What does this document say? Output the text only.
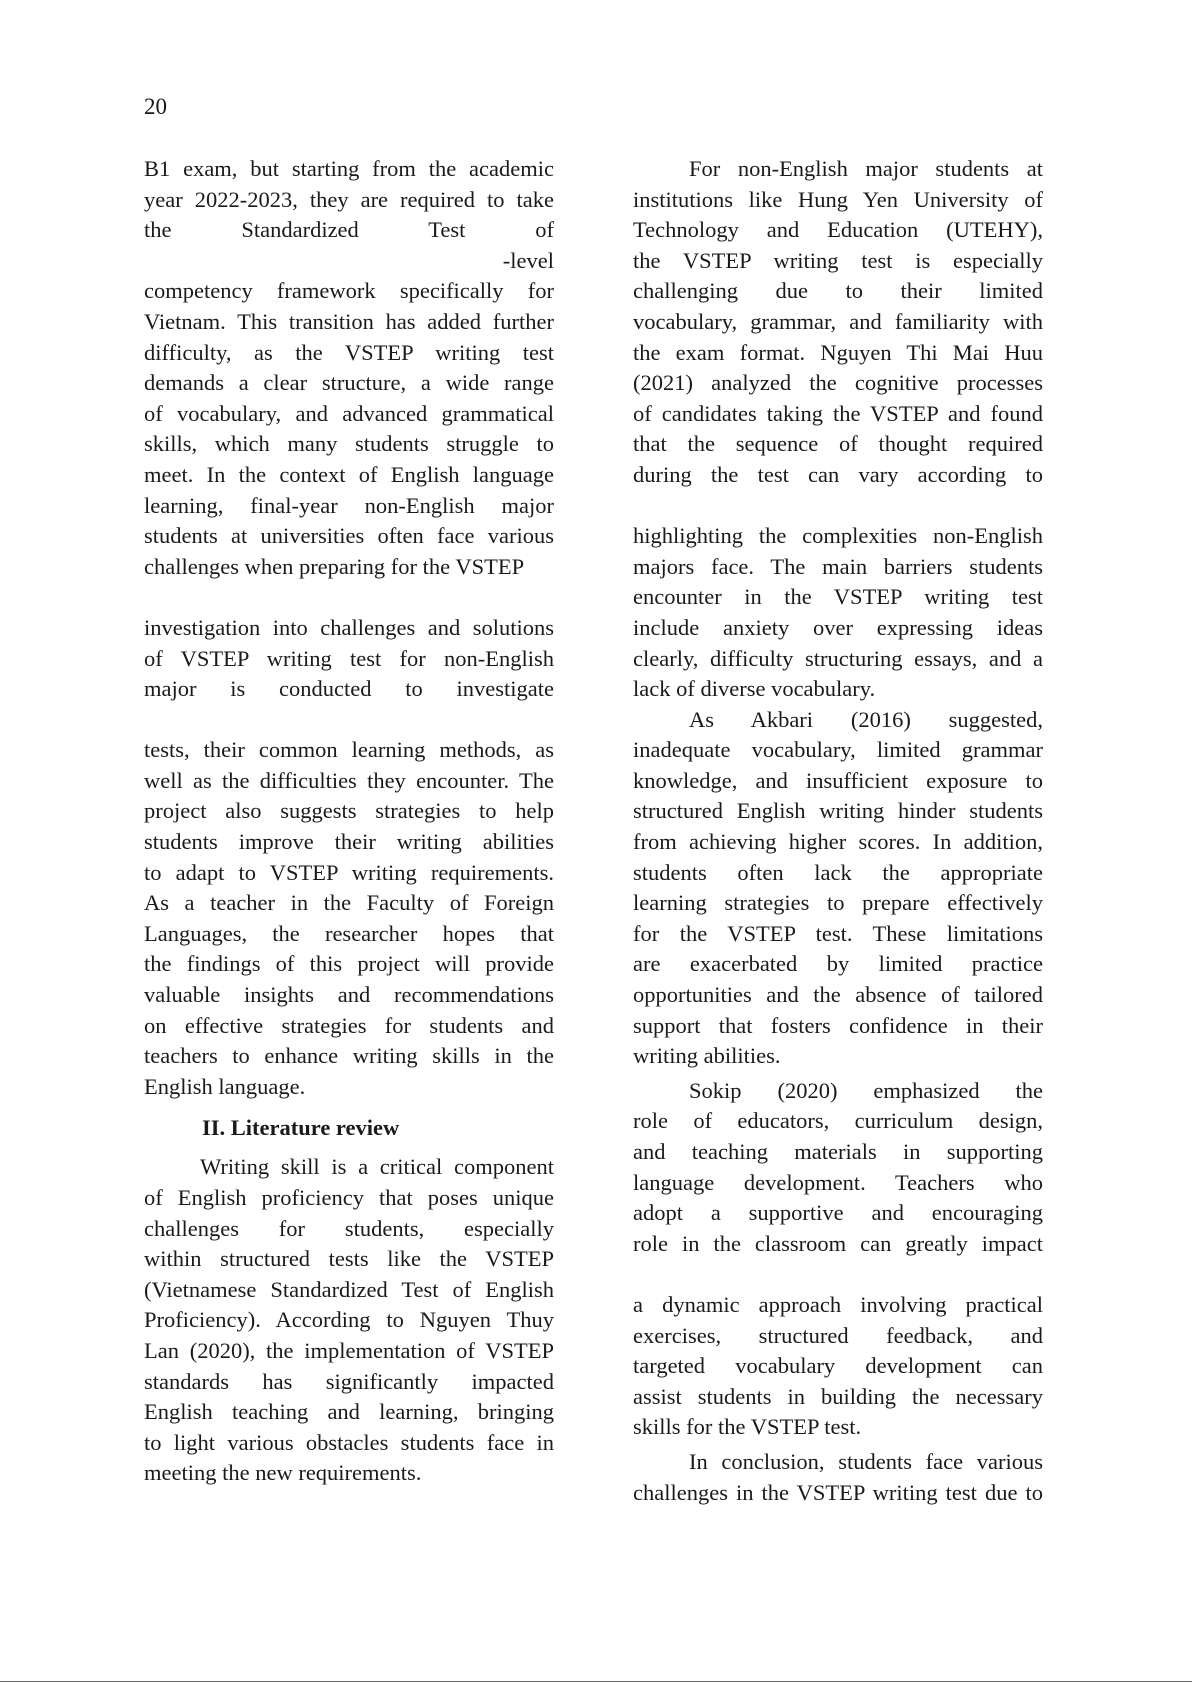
20
B1 exam, but starting from the academic
year 2022-2023, they are required to take
the Standardized Test of
-level
competency framework specifically for
Vietnam. This transition has added further
difficulty, as the VSTEP writing test
demands a clear structure, a wide range
of vocabulary, and advanced grammatical
skills, which many students struggle to
meet. In the context of English language
learning, final-year non-English major
students at universities often face various
challenges when preparing for the VSTEP
investigation into challenges and solutions
of VSTEP writing test for non-English
major is conducted to investigate
tests, their common learning methods, as
well as the difficulties they encounter. The
project also suggests strategies to help
students improve their writing abilities
to adapt to VSTEP writing requirements.
As a teacher in the Faculty of Foreign
Languages, the researcher hopes that
the findings of this project will provide
valuable insights and recommendations
on effective strategies for students and
teachers to enhance writing skills in the
English language.
II. Literature review
Writing skill is a critical component
of English proficiency that poses unique
challenges for students, especially
within structured tests like the VSTEP
(Vietnamese Standardized Test of English
Proficiency). According to Nguyen Thuy
Lan (2020), the implementation of VSTEP
standards has significantly impacted
English teaching and learning, bringing
to light various obstacles students face in
meeting the new requirements.
For non-English major students at
institutions like Hung Yen University of
Technology and Education (UTEHY),
the VSTEP writing test is especially
challenging due to their limited
vocabulary, grammar, and familiarity with
the exam format. Nguyen Thi Mai Huu
(2021) analyzed the cognitive processes
of candidates taking the VSTEP and found
that the sequence of thought required
during the test can vary according to
highlighting the complexities non-English
majors face. The main barriers students
encounter in the VSTEP writing test
include anxiety over expressing ideas
clearly, difficulty structuring essays, and a
lack of diverse vocabulary.
As Akbari (2016) suggested,
inadequate vocabulary, limited grammar
knowledge, and insufficient exposure to
structured English writing hinder students
from achieving higher scores. In addition,
students often lack the appropriate
learning strategies to prepare effectively
for the VSTEP test. These limitations
are exacerbated by limited practice
opportunities and the absence of tailored
support that fosters confidence in their
writing abilities.
Sokip (2020) emphasized the
role of educators, curriculum design,
and teaching materials in supporting
language development. Teachers who
adopt a supportive and encouraging
role in the classroom can greatly impact
a dynamic approach involving practical
exercises, structured feedback, and
targeted vocabulary development can
assist students in building the necessary
skills for the VSTEP test.
In conclusion, students face various
challenges in the VSTEP writing test due to
